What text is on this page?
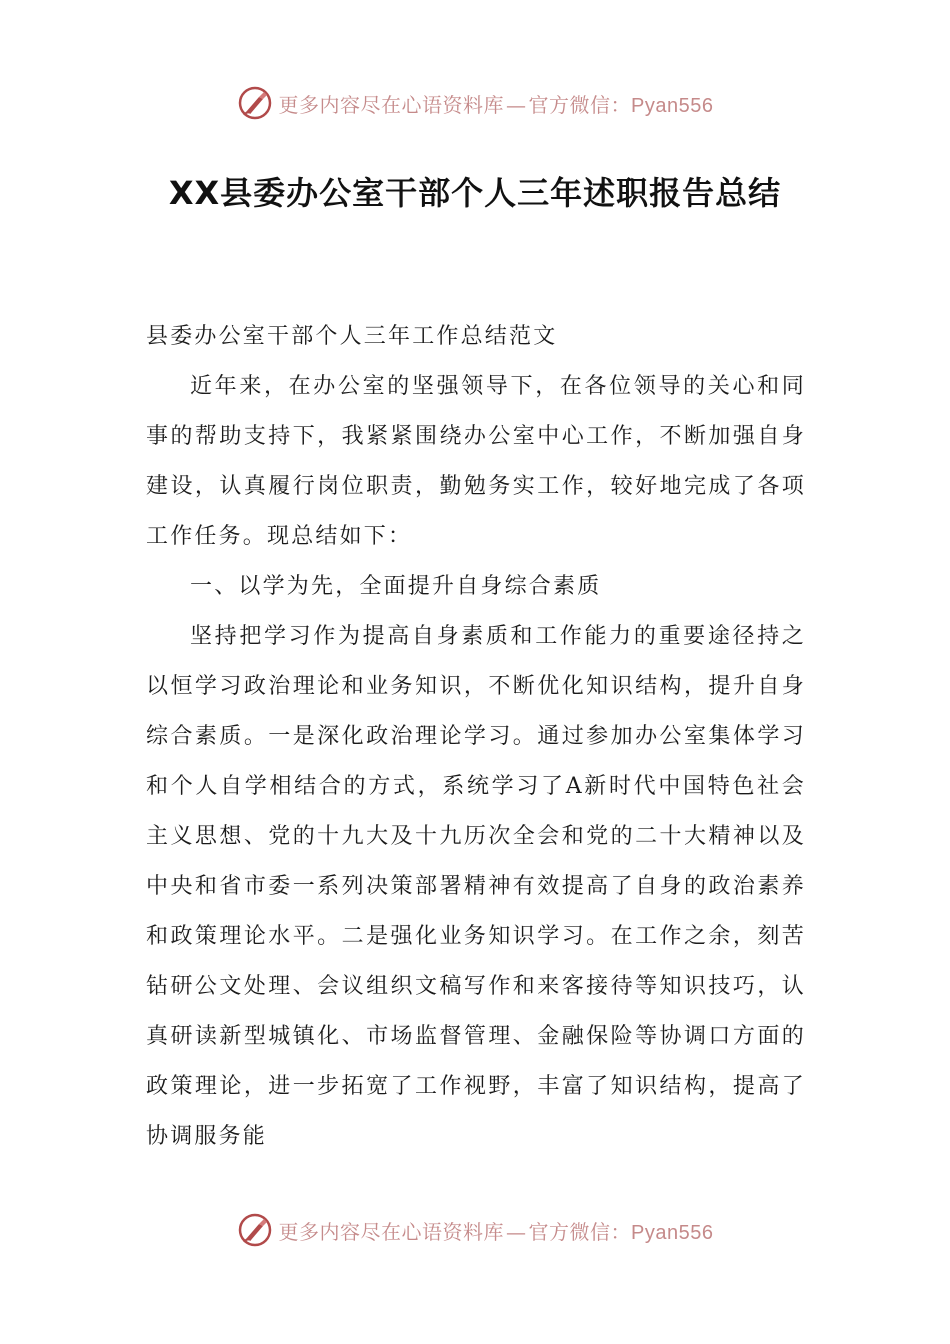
更多内容尽在心语资料库 — 官方微信：Pyan556
XX县委办公室干部个人三年述职报告总结

县委办公室干部个人三年工作总结范文

近年来，在办公室的坚强领导下，在各位领导的关心和同事的帮助支持下，我紧紧围绕办公室中心工作，不断加强自身建设，认真履行岗位职责，勤勉务实工作，较好地完成了各项工作任务。现总结如下：

一、以学为先，全面提升自身综合素质

坚持把学习作为提高自身素质和工作能力的重要途径持之以恒学习政治理论和业务知识，不断优化知识结构，提升自身综合素质。一是深化政治理论学习。通过参加办公室集体学习和个人自学相结合的方式，系统学习了A新时代中国特色社会主义思想、党的十九大及十九历次全会和党的二十大精神以及中央和省市委一系列决策部署精神有效提高了自身的政治素养和政策理论水平。二是强化业务知识学习。在工作之余，刻苦钻研公文处理、会议组织文稿写作和来客接待等知识技巧，认真研读新型城镇化、市场监督管理、金融保险等协调口方面的政策理论，进一步拓宽了工作视野，丰富了知识结构，提高了协调服务能

更多内容尽在心语资料库 — 官方微信：Pyan556
